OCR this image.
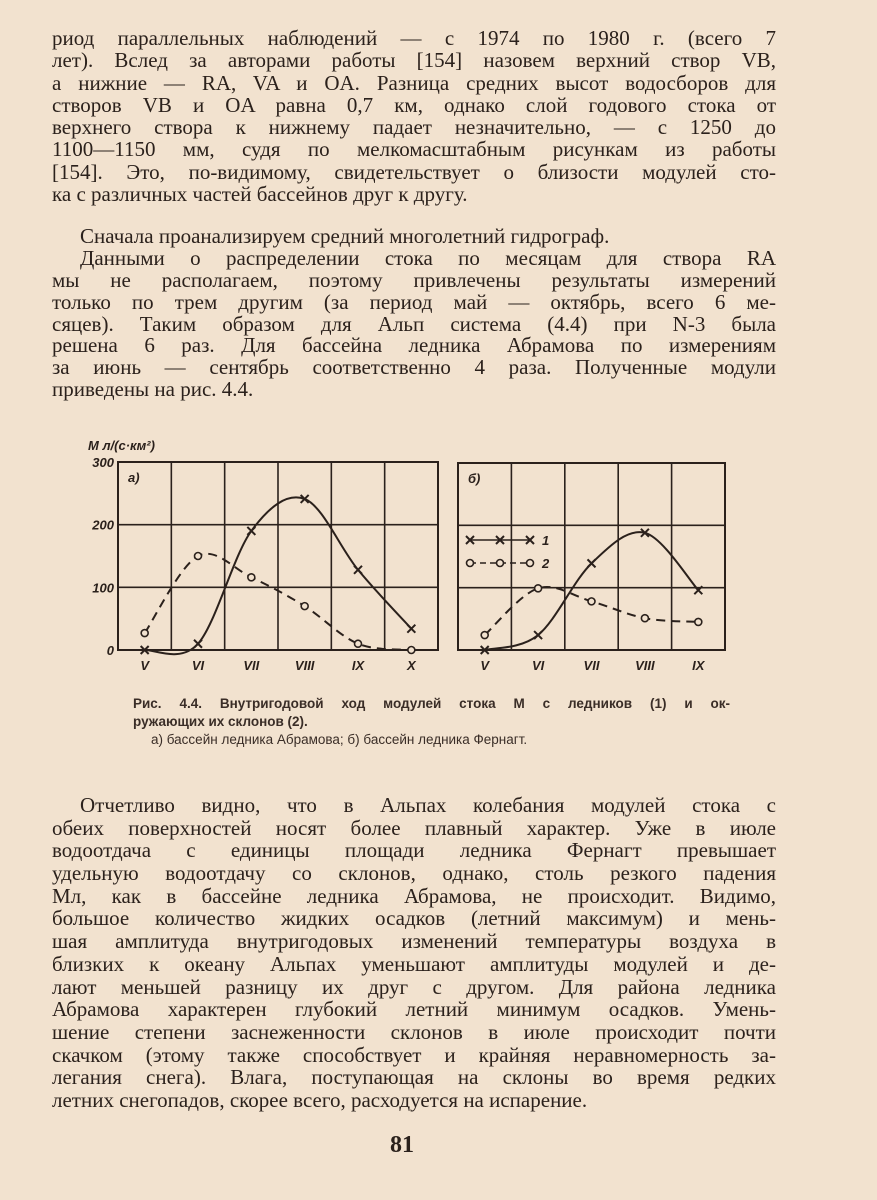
риод параллельных наблюдений — с 1974 по 1980 г. (всего 7
лет). Вслед за авторами работы [154] назовем верхний створ VB,
а нижние — RA, VA и OA. Разница средних высот водосборов для
створов VB и OA равна 0,7 км, однако слой годового стока от
верхнего створа к нижнему падает незначительно, — с 1250 до
1100—1150 мм, судя по мелкомасштабным рисункам из работы
[154]. Это, по-видимому, свидетельствует о близости модулей сто-
ка с различных частей бассейнов друг к другу.
Сначала проанализируем средний многолетний гидрограф.
Данными о распределении стока по месяцам для створа RA
мы не располагаем, поэтому привлечены результаты измерений
только по трем другим (за период май — октябрь, всего 6 ме-
сяцев). Таким образом для Альп система (4.4) при N-3 была
решена 6 раз. Для бассейна ледника Абрамова по измерениям
за июнь — сентябрь соответственно 4 раза. Полученные модули
приведены на рис. 4.4.
а)
V	VI	VII	VIII	IX	X
0
100
200
300
M л/(с·км²)
б)
V	VI	VII	VIII	IX
1
2
Рис. 4.4. Внутригодовой ход модулей стока M с ледников (1) и ок-
ружающих их склонов (2).
а) бассейн ледника Абрамова; б) бассейн ледника Фернагт.
Отчетливо видно, что в Альпах колебания модулей стока с
обеих поверхностей носят более плавный характер. Уже в июле
водоотдача с единицы площади ледника Фернагт превышает
удельную водоотдачу со склонов, однако, столь резкого падения
Mл, как в бассейне ледника Абрамова, не происходит. Видимо,
большое количество жидких осадков (летний максимум) и мень-
шая амплитуда внутригодовых изменений температуры воздуха в
близких к океану Альпах уменьшают амплитуды модулей и де-
лают меньшей разницу их друг с другом. Для района ледника
Абрамова характерен глубокий летний минимум осадков. Умень-
шение степени заснеженности склонов в июле происходит почти
скачком (этому также способствует и крайняя неравномерность за-
легания снега). Влага, поступающая на склоны во время редких
летних снегопадов, скорее всего, расходуется на испарение.
81
